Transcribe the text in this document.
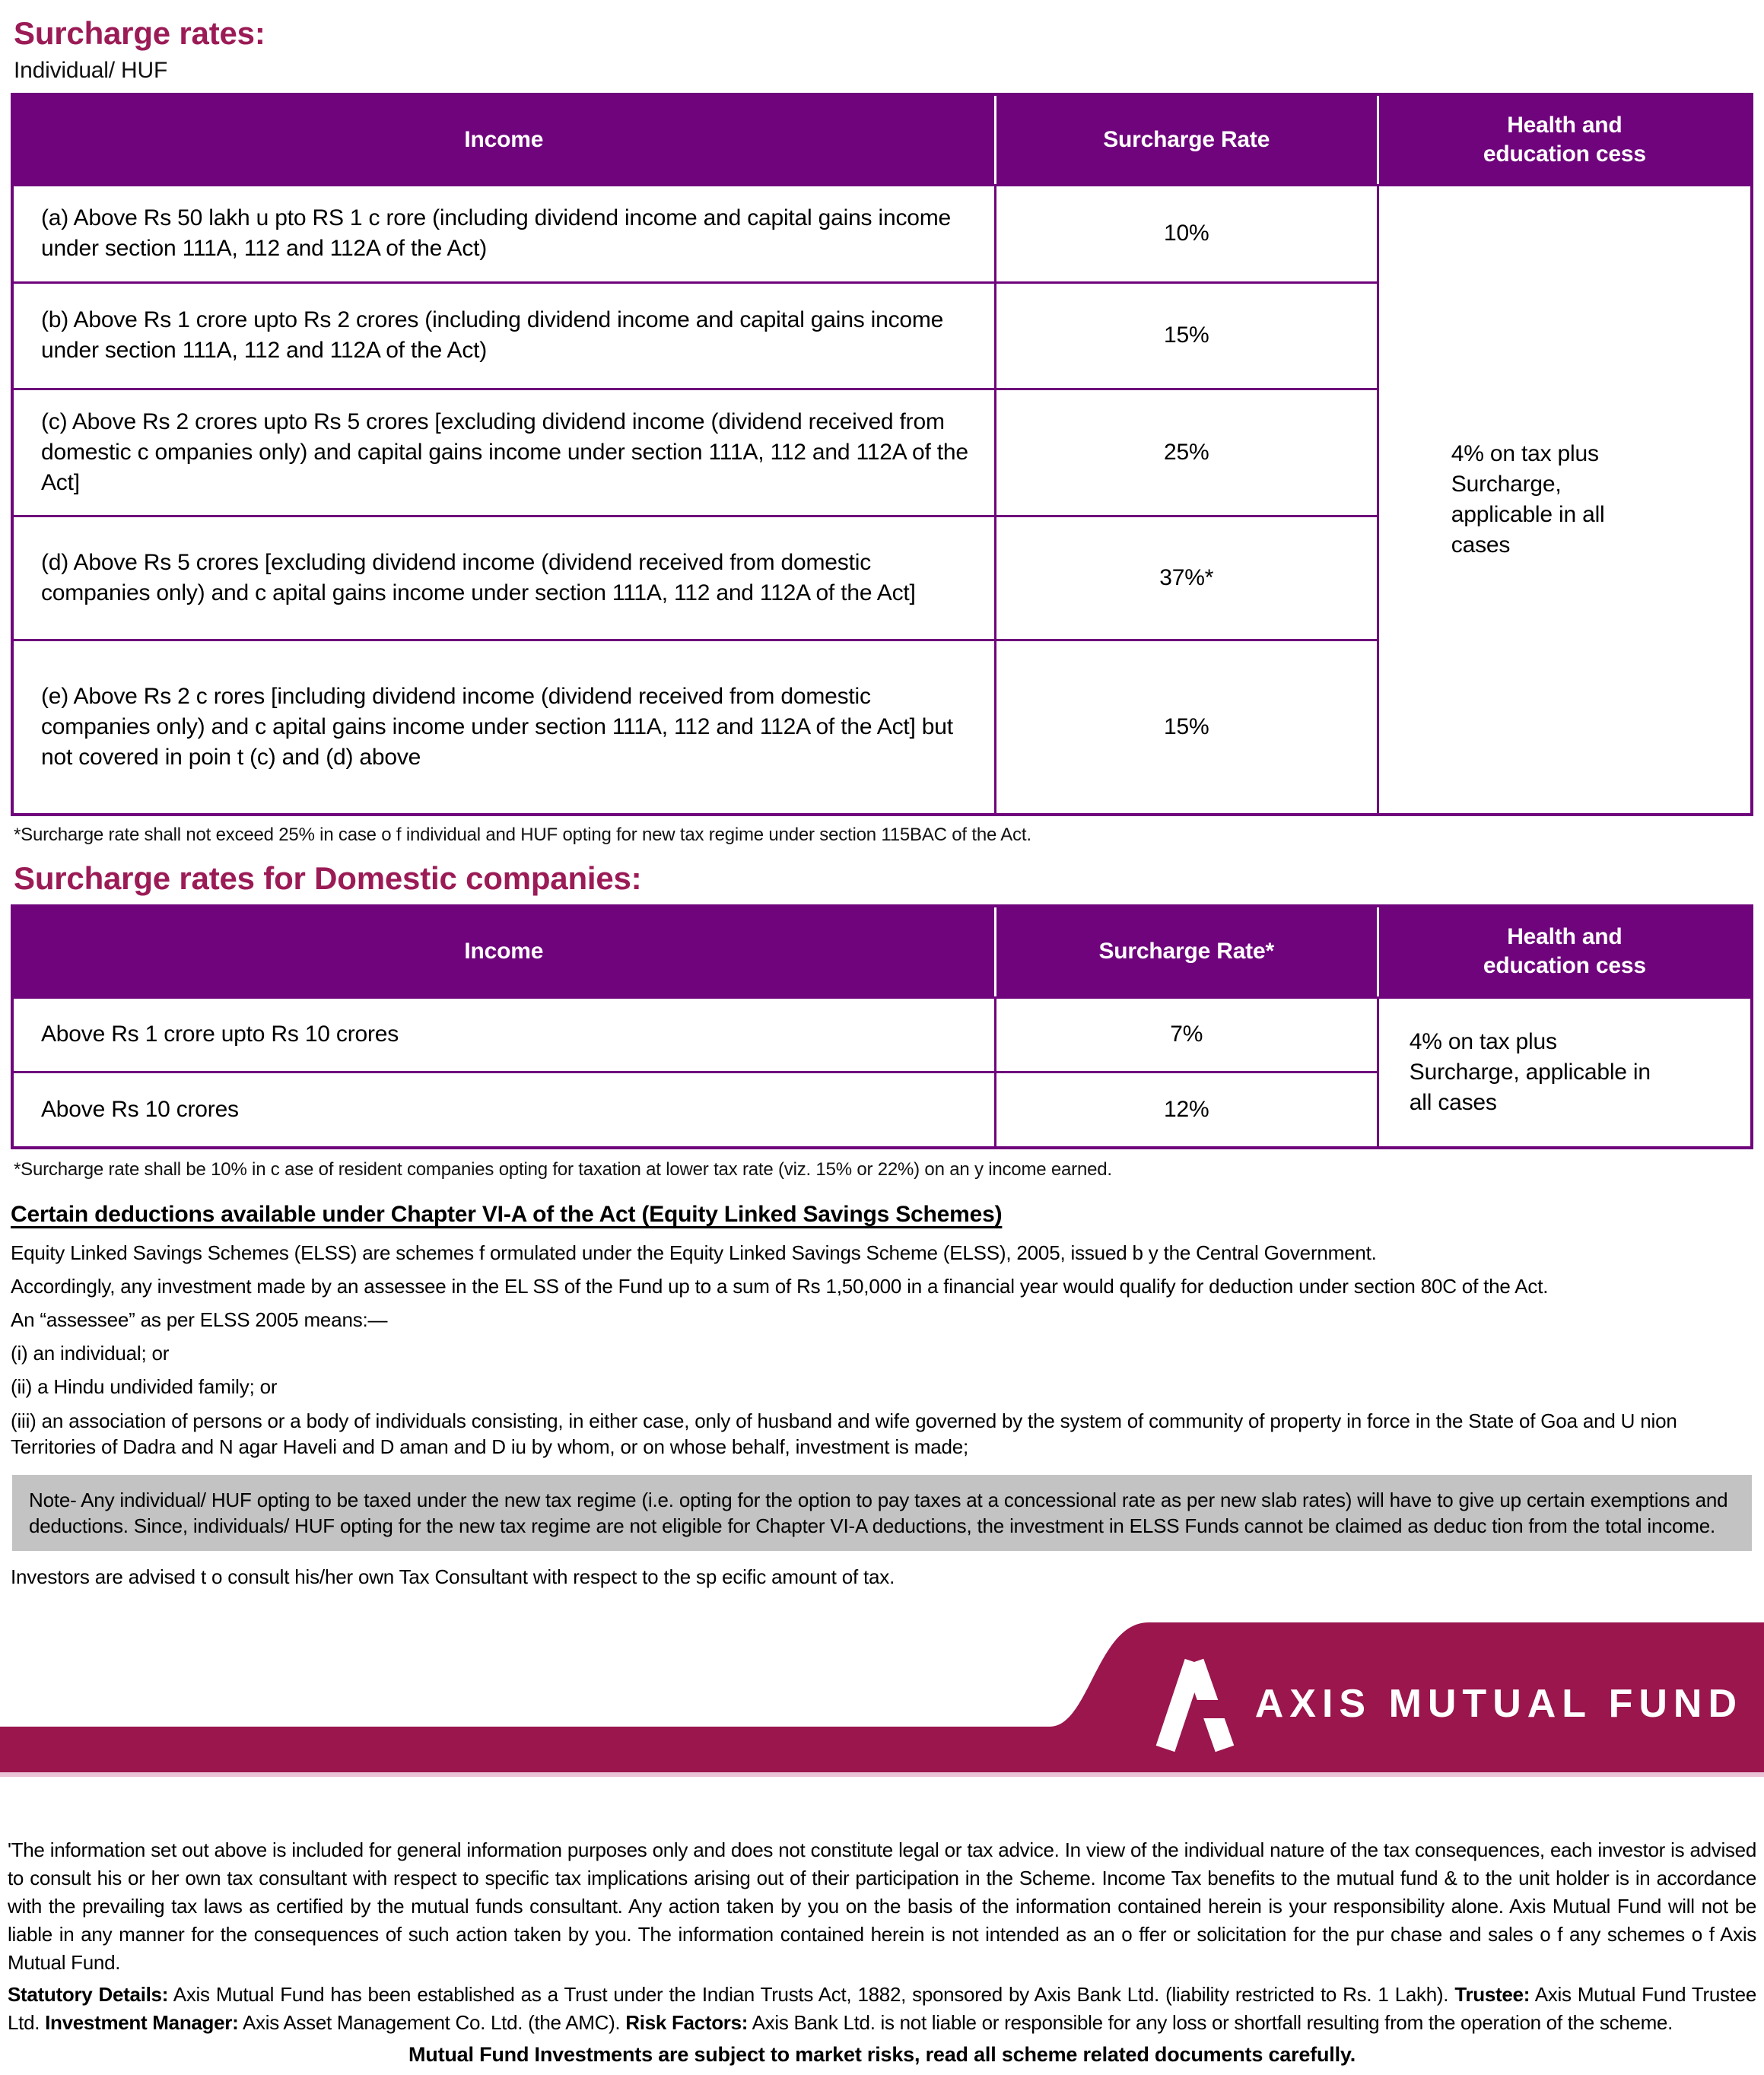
Surcharge rates:
Individual/ HUF
Income	Surcharge Rate	Health and education cess

(a) Above Rs 50 lakh u pto RS 1 c rore (including dividend income and capital gains income under section 111A, 112 and 112A of the Act)	10%	4% on tax plus Surcharge, applicable in all cases

(b) Above Rs 1 crore upto Rs 2 crores (including dividend income and capital gains income under section 111A, 112 and 112A of the Act)	15%	
(c) Above Rs 2 crores upto Rs 5 crores [excluding dividend income (dividend received from domestic c ompanies only) and capital gains income under section 111A, 112 and 112A of the Act]	25%	
(d) Above Rs 5 crores [excluding dividend income (dividend received from domestic companies only) and c apital gains income under section 111A, 112 and 112A of the Act]	37%*	
(e) Above Rs 2 c rores [including dividend income (dividend received from domestic companies only) and c apital gains income under section 111A, 112 and 112A of the Act] but not covered in poin t (c) and (d) above	15%	
*Surcharge rate shall not exceed 25% in case o f individual and HUF opting for new tax regime under section 115BAC of the Act.
Surcharge rates for Domestic companies:
Income	Surcharge Rate*	Health and education cess

Above Rs 1 crore upto Rs 10 crores	7%	4% on tax plus Surcharge, applicable in all cases

Above Rs 10 crores	12%	
*Surcharge rate shall be 10% in c ase of resident companies opting for taxation at lower tax rate (viz. 15% or 22%) on an y income earned.
Certain deductions available under Chapter VI-A of the Act (Equity Linked Savings Schemes)

Equity Linked Savings Schemes (ELSS) are schemes f ormulated under the Equity Linked Savings Scheme (ELSS), 2005, issued b y the Central Government.

Accordingly, any investment made by an assessee in the EL SS of the Fund up to a sum of Rs 1,50,000 in a financial year would qualify for deduction under section 80C of the Act.

An “assessee” as per ELSS 2005 means:—

(i) an individual; or

(ii) a Hindu undivided family; or

(iii) an association of persons or a body of individuals consisting, in either case, only of husband and wife governed by the system of community of property in force in the State of Goa and U nion Territories of Dadra and N agar Haveli and D aman and D iu by whom, or on whose behalf, investment is made;

Note- Any individual/ HUF opting to be taxed under the new tax regime (i.e. opting for the option to pay taxes at a concessional rate as per new slab rates) will have to give up certain exemptions and deductions. Since, individuals/ HUF opting for the new tax regime are not eligible for Chapter VI-A deductions, the investment in ELSS Funds cannot be claimed as deduc tion from the total income.

Investors are advised t o consult his/her own Tax Consultant with respect to the sp ecific amount of tax.

AXIS MUTUAL FUND

'The information set out above is included for general information purposes only and does not constitute legal or tax advice. In view of the individual nature of the tax consequences, each investor is advised to consult his or her own tax consultant with respect to specific tax implications arising out of their participation in the Scheme. Income Tax benefits to the mutual fund & to the unit holder is in accordance with the prevailing tax laws as certified by the mutual funds consultant. Any action taken by you on the basis of the information contained herein is your responsibility alone. Axis Mutual Fund will not be liable in any manner for the consequences of such action taken by you. The information contained herein is not intended as an o ffer or solicitation for the pur chase and sales o f any schemes o f Axis Mutual Fund.

Statutory Details: Axis Mutual Fund has been established as a Trust under the Indian Trusts Act, 1882, sponsored by Axis Bank Ltd. (liability restricted to Rs. 1 Lakh). Trustee: Axis Mutual Fund Trustee Ltd. Investment Manager: Axis Asset Management Co. Ltd. (the AMC). Risk Factors: Axis Bank Ltd. is not liable or responsible for any loss or shortfall resulting from the operation of the scheme.

Mutual Fund Investments are subject to market risks, read all scheme related documents carefully.
